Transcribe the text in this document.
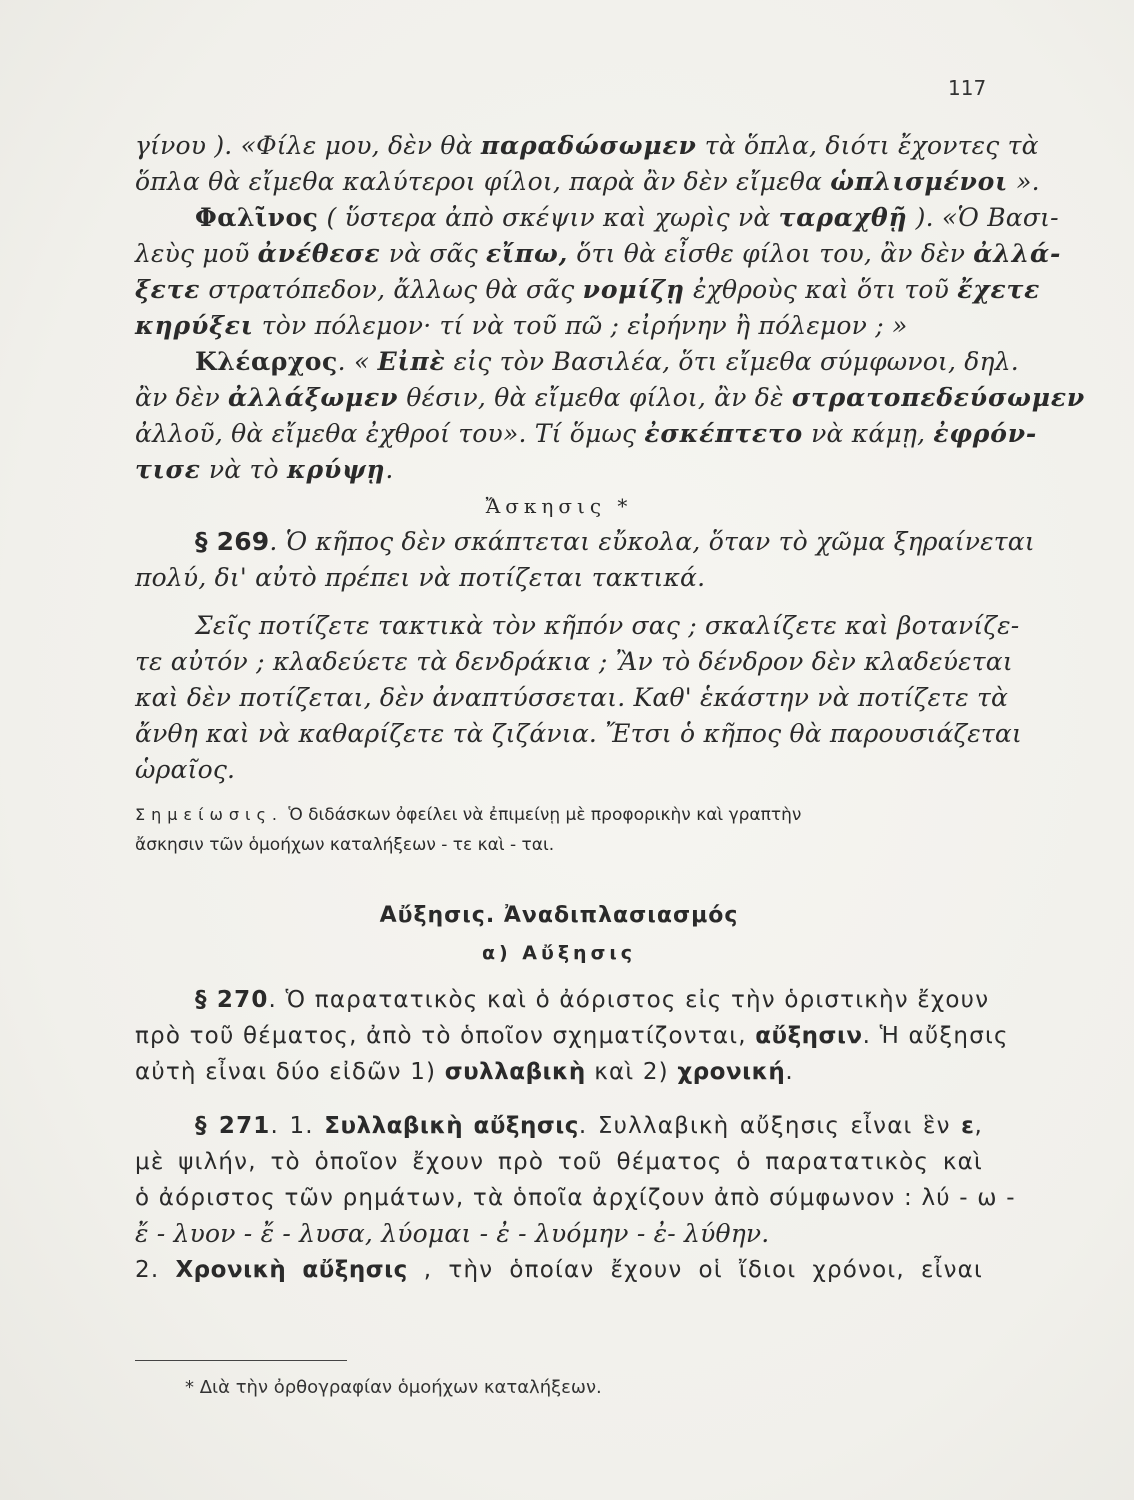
117
γίνου ). «Φίλε μου, δὲν θὰ παραδώσωμεν τὰ ὅπλα, διότι ἔχοντες τὰ
ὅπλα θὰ εἴμεθα καλύτεροι φίλοι, παρὰ ἂν δὲν εἴμεθα ὡπλισμένοι ».
Φαλῖνος ( ὕστερα ἀπὸ σκέψιν καὶ χωρὶς νὰ ταραχθῇ ). «Ὁ Βασι-
λεὺς μοῦ ἀνέθεσε νὰ σᾶς εἴπω, ὅτι θὰ εἶσθε φίλοι του, ἂν δὲν ἀλλά-
ξετε στρατόπεδον, ἄλλως θὰ σᾶς νομίζῃ ἐχθροὺς καὶ ὅτι τοῦ ἔχετε
κηρύξει τὸν πόλεμον· τί νὰ τοῦ πῶ ; εἰρήνην ἢ πόλεμον ; »
Κλέαρχος. « Εἰπὲ εἰς τὸν Βασιλέα, ὅτι εἴμεθα σύμφωνοι, δηλ.
ἂν δὲν ἀλλάξωμεν θέσιν, θὰ εἴμεθα φίλοι, ἂν δὲ στρατοπεδεύσωμεν
ἀλλοῦ, θὰ εἴμεθα ἐχθροί του». Τί ὅμως ἐσκέπτετο νὰ κάμῃ, ἐφρόν-
τισε νὰ τὸ κρύψῃ.
Ἄσκησις *
§ 269. Ὁ κῆπος δὲν σκάπτεται εὔκολα, ὅταν τὸ χῶμα ξηραίνεται
πολύ, δι' αὐτὸ πρέπει νὰ ποτίζεται τακτικά.
Σεῖς ποτίζετε τακτικὰ τὸν κῆπόν σας ; σκαλίζετε καὶ βοτανίζε-
τε αὐτόν ; κλαδεύετε τὰ δενδράκια ; Ἂν τὸ δένδρον δὲν κλαδεύεται
καὶ δὲν ποτίζεται, δὲν ἀναπτύσσεται. Καθ' ἑκάστην νὰ ποτίζετε τὰ
ἄνθη καὶ νὰ καθαρίζετε τὰ ζιζάνια. Ἔτσι ὁ κῆπος θὰ παρουσιάζεται
ὡραῖος.
Σημείωσις. Ὁ διδάσκων ὀφείλει νὰ ἐπιμείνῃ μὲ προφορικὴν καὶ γραπτὴν
ἄσκησιν τῶν ὁμοήχων καταλήξεων - τε καὶ - ται.
Αὔξησις. Ἀναδιπλασιασμός
α) Αὔξησις
§ 270. Ὁ παρατατικὸς καὶ ὁ ἀόριστος εἰς τὴν ὁριστικὴν ἔχουν
πρὸ τοῦ θέματος, ἀπὸ τὸ ὁποῖον σχηματίζονται, αὔξησιν. Ἡ αὔξησις
αὐτὴ εἶναι δύο εἰδῶν 1) συλλαβικὴ καὶ 2) χρονική.
§ 271. 1. Συλλαβικὴ αὔξησις. Συλλαβικὴ αὔξησις εἶναι ἓν ε,
μὲ ψιλήν, τὸ ὁποῖον ἔχουν πρὸ τοῦ θέματος ὁ παρατατικὸς καὶ
ὁ ἀόριστος τῶν ρημάτων, τὰ ὁποῖα ἀρχίζουν ἀπὸ σύμφωνον : λύ - ω -
ἔ - λυον - ἔ - λυσα, λύομαι - ἐ - λυόμην - ἐ- λύθην.
2. Χρονικὴ αὔξησις , τὴν ὁποίαν ἔχουν οἱ ἴδιοι χρόνοι, εἶναι
* Διὰ τὴν ὀρθογραφίαν ὁμοήχων καταλήξεων.
